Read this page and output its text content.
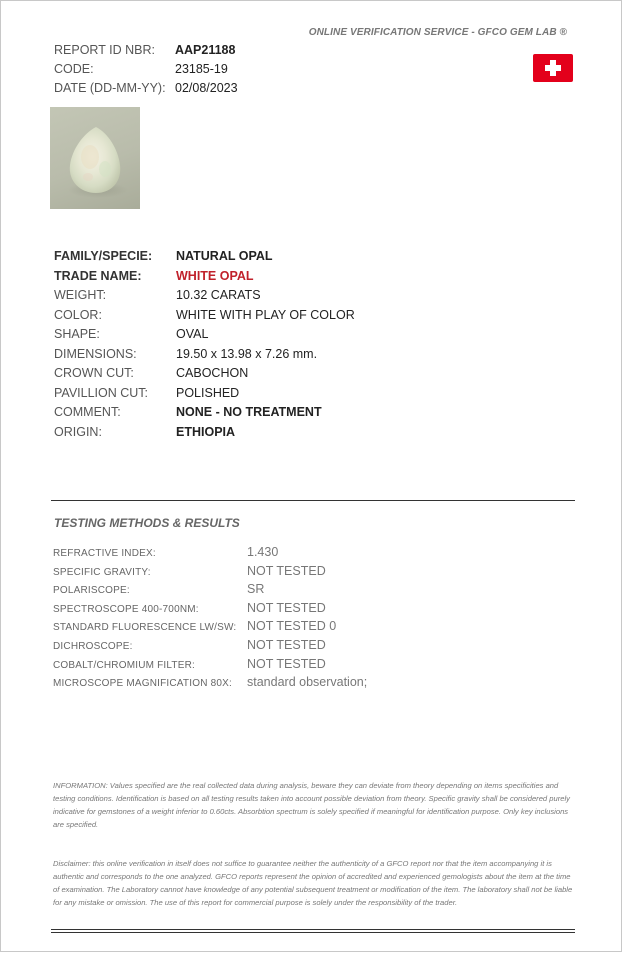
ONLINE VERIFICATION SERVICE - GFCO GEM LAB ®
REPORT ID NBR: AAP21188
CODE:	23185-19
DATE (DD-MM-YY): 02/08/2023
FAMILY/SPECIE: NATURAL OPAL
TRADE NAME:	WHITE OPAL
WEIGHT:	10.32 CARATS
COLOR:	WHITE WITH PLAY OF COLOR
SHAPE:	OVAL
DIMENSIONS:	19.50 x 13.98 x 7.26 mm.
CROWN CUT:	CABOCHON
PAVILLION CUT: POLISHED
COMMENT:	NONE - NO TREATMENT
ORIGIN:	ETHIOPIA
TESTING METHODS & RESULTS
REFRACTIVE INDEX:	1.430
SPECIFIC GRAVITY:	NOT TESTED
POLARISCOPE:	SR
SPECTROSCOPE 400-700NM:	NOT TESTED
STANDARD FLUORESCENCE LW/SW: NOT TESTED 0
DICHROSCOPE:	NOT TESTED
COBALT/CHROMIUM FILTER:	NOT TESTED
MICROSCOPE MAGNIFICATION 80X: standard observation;
INFORMATION: Values specified are the real collected data during analysis, beware they can deviate from theory depending on items specificities and testing conditions. Identification is based on all testing results taken into account possible deviation from theory. Specific gravity shall be considered purely indicative for gemstones of a weight inferior to 0.60cts. Absorbtion spectrum is solely specified if meaningful for identification purpose. Only key inclusions are specified.
Disclaimer: this online verification in itself does not suffice to guarantee neither the authenticity of a GFCO report nor that the item accompanying it is authentic and corresponds to the one analyzed. GFCO reports represent the opinion of accredited and experienced gemologists about the item at the time of examination. The Laboratory cannot have knowledge of any potential subsequent treatment or modification of the item. The laboratory shall not be liable for any mistake or omission. The use of this report for commercial purpose is solely under the responsibility of the trader.
